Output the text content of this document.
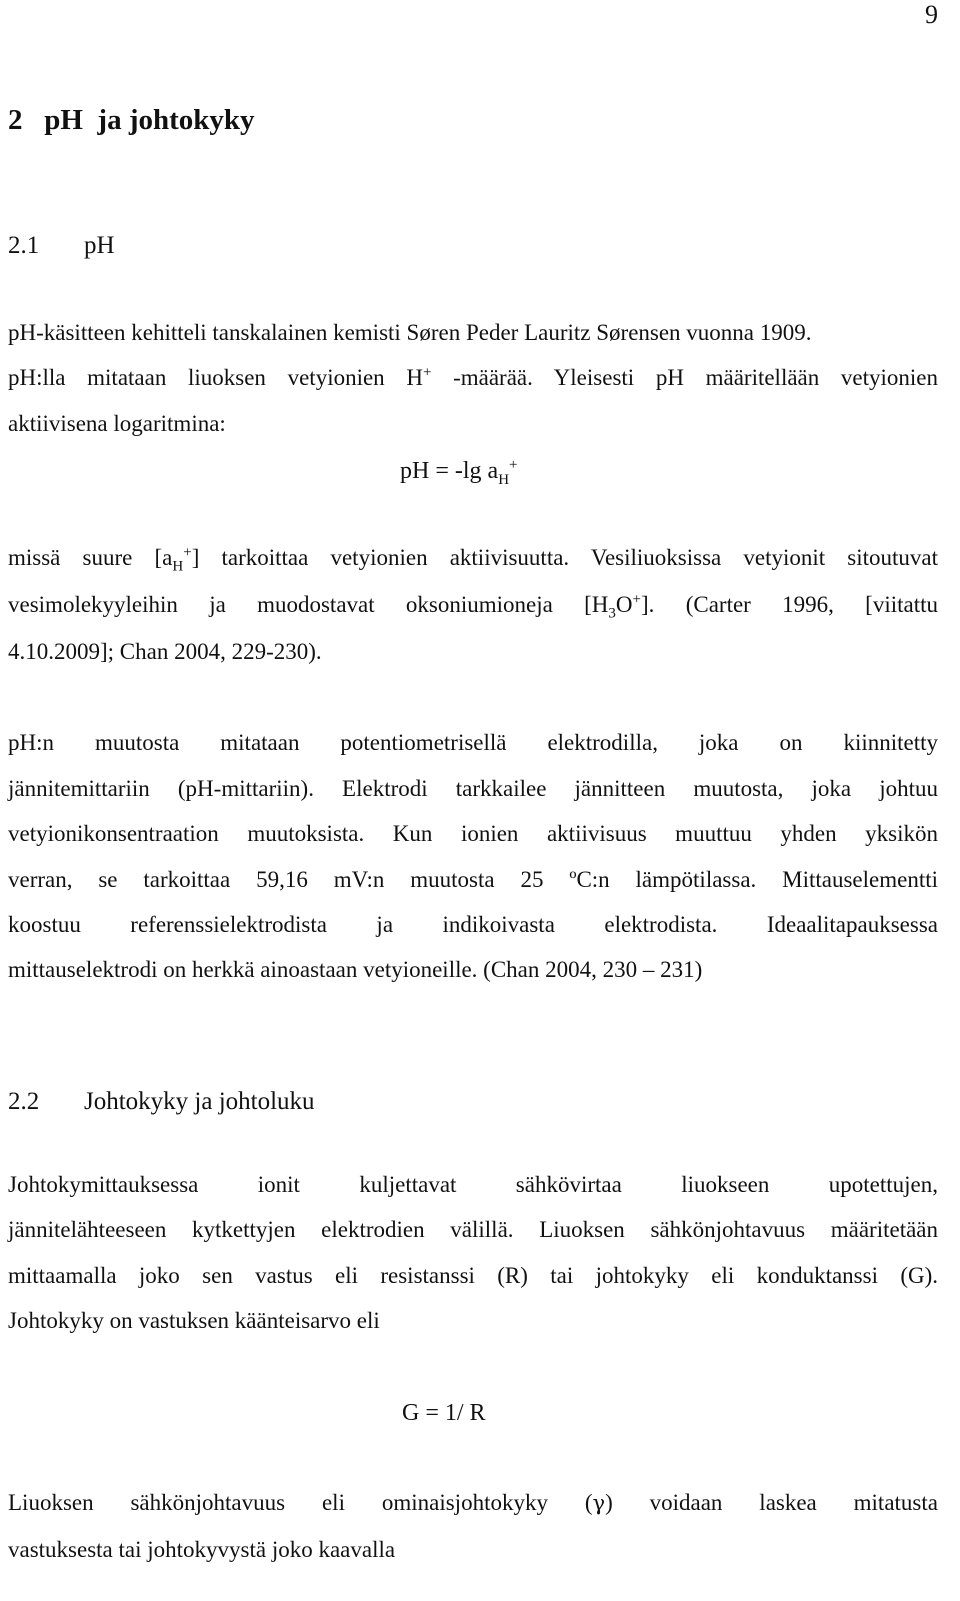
9
2   pH  ja johtokyky
2.1 pH

pH-käsitteen kehitteli tanskalainen kemisti Søren Peder Lauritz Sørensen vuonna 1909.

pH:lla mitataan liuoksen vetyionien H+ -määrää. Yleisesti pH määritellään vetyionien

aktiivisena logaritmina:

pH = -lg $a_H^+$

missä suure $[a_H^+]$ tarkoittaa vetyionien aktiivisuutta. Vesiliuoksissa vetyionit sitoutuvat

vesimolekyyleihin ja muodostavat oksoniumioneja $[H_3O^+]$. (Carter 1996, [viitattu

4.10.2009]; Chan 2004, 229-230).

pH:n muutosta mitataan potentiometrisellä elektrodilla, joka on kiinnitetty

jännitemittariin (pH-mittariin). Elektrodi tarkkailee jännitteen muutosta, joka johtuu

vetyionikonsentraation muutoksista. Kun ionien aktiivisuus muuttuu yhden yksikön

verran, se tarkoittaa 59,16 mV:n muutosta 25 ºC:n lämpötilassa. Mittauselementti

koostuu referenssielektrodista ja indikoivasta elektrodista. Ideaalitapauksessa

mittauselektrodi on herkkä ainoastaan vetyioneille. (Chan 2004, 230 – 231)

2.2 Johtokyky ja johtoluku

Johtokymittauksessa ionit kuljettavat sähkövirtaa liuokseen upotettujen,

jännitelähteeseen kytkettyjen elektrodien välillä. Liuoksen sähkönjohtavuus määritetään

mittaamalla joko sen vastus eli resistanssi (R) tai johtokyky eli konduktanssi (G).

Johtokyky on vastuksen käänteisarvo eli

G = 1/ R

Liuoksen sähkönjohtavuus eli ominaisjohtokyky (γ) voidaan laskea mitatusta

vastuksesta tai johtokyvystä joko kaavalla
